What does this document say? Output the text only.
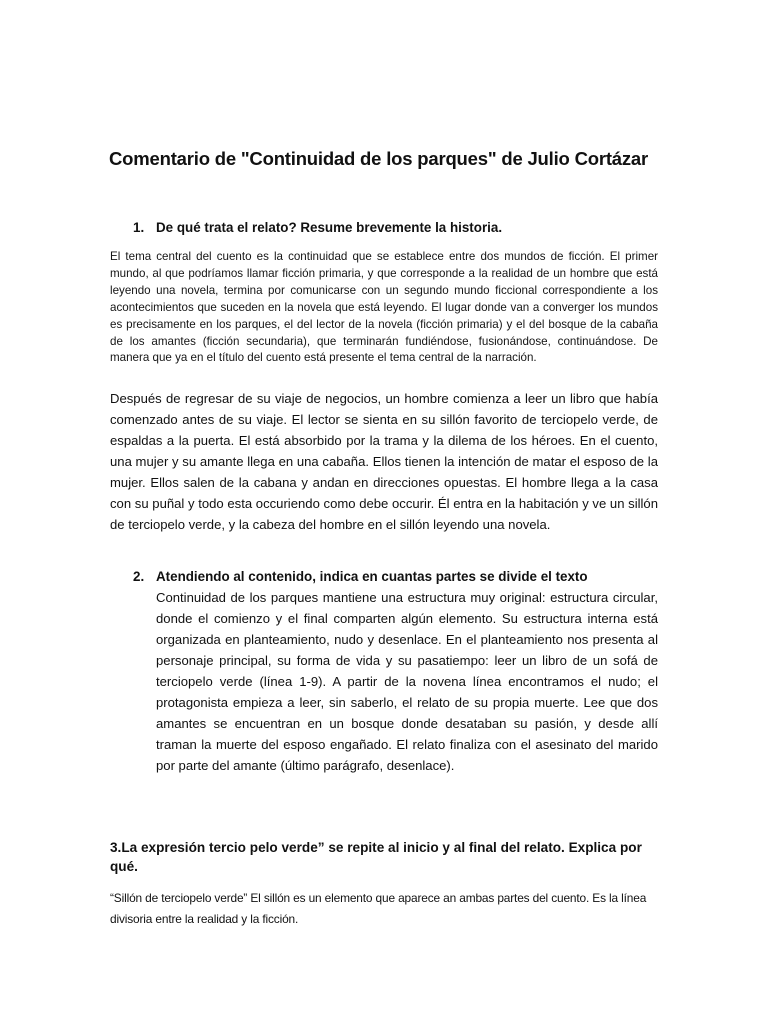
Comentario de "Continuidad de los parques" de Julio Cortázar

1. De qué trata el relato? Resume brevemente la historia.

El tema central del cuento es la continuidad que se establece entre dos mundos de ficción. El primer mundo, al que podríamos llamar ficción primaria, y que corresponde a la realidad de un hombre que está leyendo una novela, termina por comunicarse con un segundo mundo ficcional correspondiente a los acontecimientos que suceden en la novela que está leyendo. El lugar donde van a converger los mundos es precisamente en los parques, el del lector de la novela (ficción primaria) y el del bosque de la cabaña de los amantes (ficción secundaria), que terminarán fundiéndose, fusionándose, continuándose. De manera que ya en el título del cuento está presente el tema central de la narración.

Después de regresar de su viaje de negocios, un hombre comienza a leer un libro que había comenzado antes de su viaje. El lector se sienta en su sillón favorito de terciopelo verde, de espaldas a la puerta. El está absorbido por la trama y la dilema de los héroes. En el cuento, una mujer y su amante llega en una cabaña. Ellos tienen la intención de matar el esposo de la mujer. Ellos salen de la cabana y andan en direcciones opuestas. El hombre llega a la casa con su puñal y todo esta occuriendo como debe occurir. Él entra en la habitación y ve un sillón de terciopelo verde, y la cabeza del hombre en el sillón leyendo una novela.

2. Atendiendo al contenido, indica en cuantas partes se divide el texto

Continuidad de los parques mantiene una estructura muy original: estructura circular, donde el comienzo y el final comparten algún elemento. Su estructura interna está organizada en planteamiento, nudo y desenlace. En el planteamiento nos presenta al personaje principal, su forma de vida y su pasatiempo: leer un libro de un sofá de terciopelo verde (línea 1-9). A partir de la novena línea encontramos el nudo; el protagonista empieza a leer, sin saberlo, el relato de su propia muerte. Lee que dos amantes se encuentran en un bosque donde desataban su pasión, y desde allí traman la muerte del esposo engañado. El relato finaliza con el asesinato del marido por parte del amante (último parágrafo, desenlace).

3.La expresión tercio pelo verde” se repite al inicio y al final del relato. Explica por qué.

“Sillón de terciopelo verde” El sillón es un elemento que aparece an ambas partes del cuento. Es la línea divisoria entre la realidad y la ficción.
